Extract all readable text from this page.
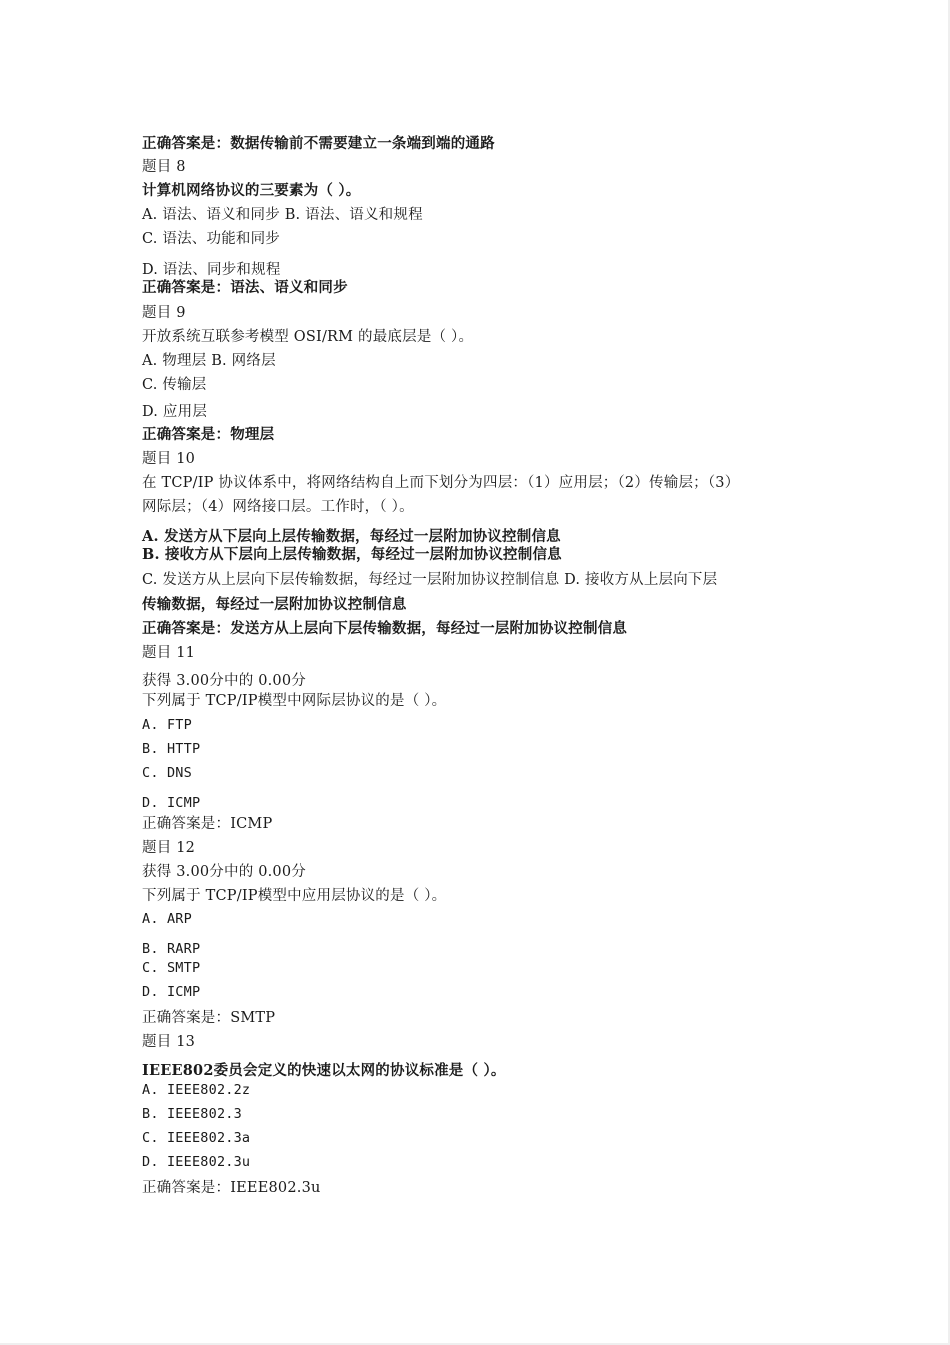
正确答案是：数据传输前不需要建立一条端到端的通路
题目 8
计算机网络协议的三要素为（ ）。
A. 语法、语义和同步 B. 语法、语义和规程
C. 语法、功能和同步
D. 语法、同步和规程
正确答案是：语法、语义和同步
题目 9
开放系统互联参考模型 OSI/RM 的最底层是（ ）。
A. 物理层 B. 网络层
C. 传输层
D. 应用层
正确答案是：物理层
题目 10
在 TCP/IP 协议体系中，将网络结构自上而下划分为四层：（1）应用层；（2）传输层；（3）
网际层；（4）网络接口层。工作时，（ ）。
A. 发送方从下层向上层传输数据，每经过一层附加协议控制信息
B. 接收方从下层向上层传输数据，每经过一层附加协议控制信息
C. 发送方从上层向下层传输数据，每经过一层附加协议控制信息 D. 接收方从上层向下层
传输数据，每经过一层附加协议控制信息
正确答案是：发送方从上层向下层传输数据，每经过一层附加协议控制信息
题目 11
获得 3.00分中的 0.00分
下列属于 TCP/IP模型中网际层协议的是（ ）。
A. FTP
B. HTTP
C. DNS
D. ICMP
正确答案是：ICMP
题目 12
获得 3.00分中的 0.00分
下列属于 TCP/IP模型中应用层协议的是（ ）。
A. ARP
B. RARP
C. SMTP
D. ICMP
正确答案是：SMTP
题目 13
IEEE802委员会定义的快速以太网的协议标准是（ ）。
A. IEEE802.2z
B. IEEE802.3
C. IEEE802.3a
D. IEEE802.3u
正确答案是：IEEE802.3u
